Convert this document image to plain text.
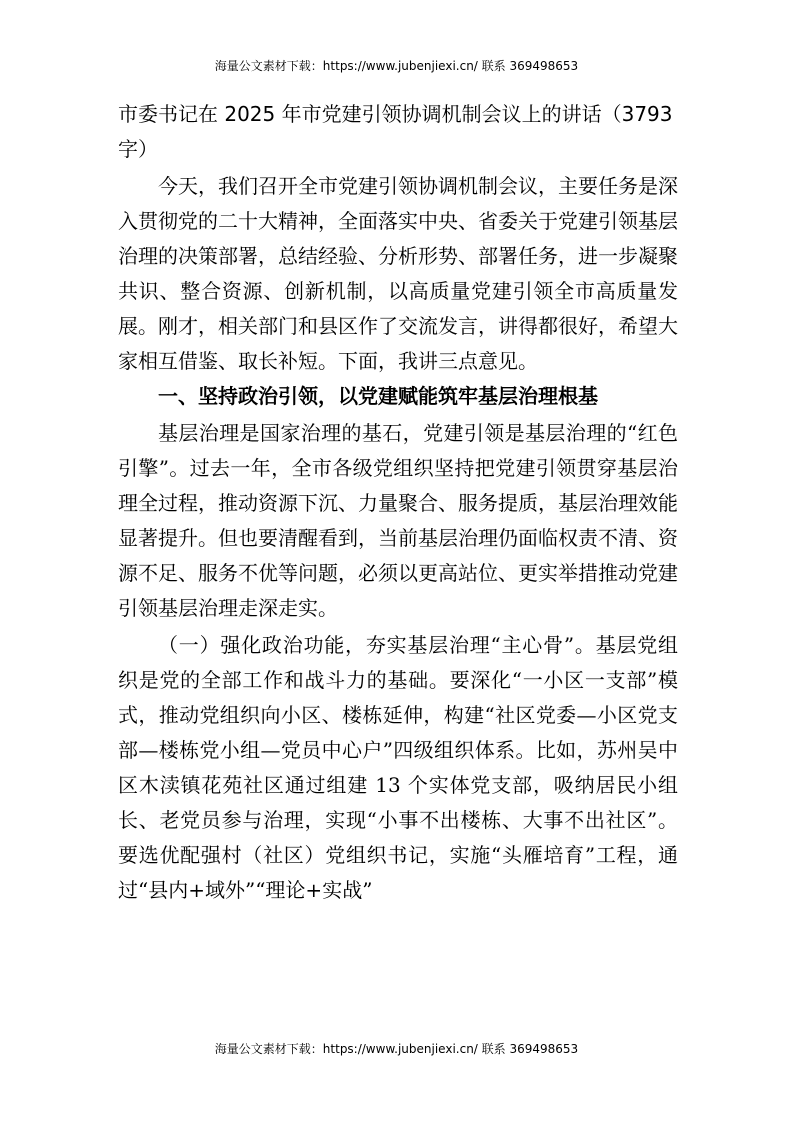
海量公文素材下载：https://www.jubenjiexi.cn/ 联系 369498653
市委书记在 2025 年市党建引领协调机制会议上的讲话（3793 字）

今天，我们召开全市党建引领协调机制会议，主要任务是深入贯彻党的二十大精神，全面落实中央、省委关于党建引领基层治理的决策部署，总结经验、分析形势、部署任务，进一步凝聚共识、整合资源、创新机制，以高质量党建引领全市高质量发展。刚才，相关部门和县区作了交流发言，讲得都很好，希望大家相互借鉴、取长补短。下面，我讲三点意见。

一、坚持政治引领，以党建赋能筑牢基层治理根基

基层治理是国家治理的基石，党建引领是基层治理的“红色引擎”。过去一年，全市各级党组织坚持把党建引领贯穿基层治理全过程，推动资源下沉、力量聚合、服务提质，基层治理效能显著提升。但也要清醒看到，当前基层治理仍面临权责不清、资源不足、服务不优等问题，必须以更高站位、更实举措推动党建引领基层治理走深走实。

（一）强化政治功能，夯实基层治理“主心骨”。基层党组织是党的全部工作和战斗力的基础。要深化“一小区一支部”模式，推动党组织向小区、楼栋延伸，构建“社区党委—小区党支部—楼栋党小组—党员中心户”四级组织体系。比如，苏州吴中区木渎镇花苑社区通过组建 13 个实体党支部，吸纳居民小组长、老党员参与治理，实现“小事不出楼栋、大事不出社区”。要选优配强村（社区）党组织书记，实施“头雁培育”工程，通过“县内+域外”“理论+实战”

海量公文素材下载：https://www.jubenjiexi.cn/ 联系 369498653
